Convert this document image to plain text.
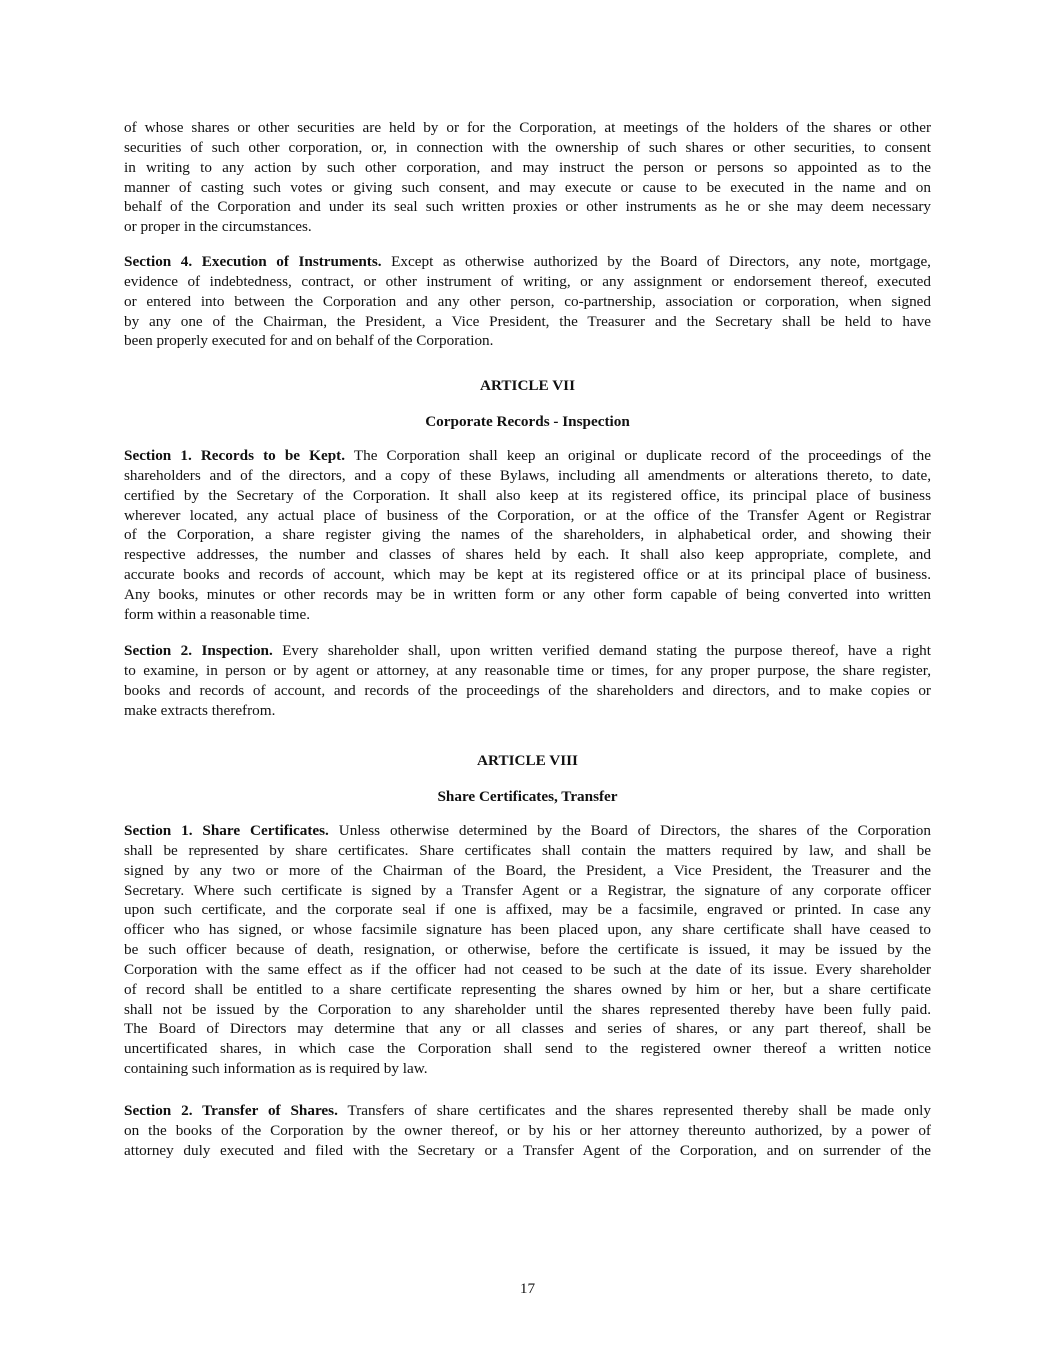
of whose shares or other securities are held by or for the Corporation, at meetings of the holders of the shares or other
securities of such other corporation, or, in connection with the ownership of such shares or other securities, to consent
in writing to any action by such other corporation, and may instruct the person or persons so appointed as to the
manner of casting such votes or giving such consent, and may execute or cause to be executed in the name and on
behalf of the Corporation and under its seal such written proxies or other instruments as he or she may deem necessary
or proper in the circumstances.
Section 4. Execution of Instruments. Except as otherwise authorized by the Board of Directors, any note, mortgage,
evidence of indebtedness, contract, or other instrument of writing, or any assignment or endorsement thereof, executed
or entered into between the Corporation and any other person, co-partnership, association or corporation, when signed
by any one of the Chairman, the President, a Vice President, the Treasurer and the Secretary shall be held to have
been properly executed for and on behalf of the Corporation.
ARTICLE VII
Corporate Records - Inspection
Section 1. Records to be Kept. The Corporation shall keep an original or duplicate record of the proceedings of the
shareholders and of the directors, and a copy of these Bylaws, including all amendments or alterations thereto, to date,
certified by the Secretary of the Corporation. It shall also keep at its registered office, its principal place of business
wherever located, any actual place of business of the Corporation, or at the office of the Transfer Agent or Registrar
of the Corporation, a share register giving the names of the shareholders, in alphabetical order, and showing their
respective addresses, the number and classes of shares held by each. It shall also keep appropriate, complete, and
accurate books and records of account, which may be kept at its registered office or at its principal place of business.
Any books, minutes or other records may be in written form or any other form capable of being converted into written
form within a reasonable time.
Section 2. Inspection. Every shareholder shall, upon written verified demand stating the purpose thereof, have a right
to examine, in person or by agent or attorney, at any reasonable time or times, for any proper purpose, the share register,
books and records of account, and records of the proceedings of the shareholders and directors, and to make copies or
make extracts therefrom.
ARTICLE VIII
Share Certificates, Transfer
Section 1. Share Certificates. Unless otherwise determined by the Board of Directors, the shares of the Corporation
shall be represented by share certificates. Share certificates shall contain the matters required by law, and shall be
signed by any two or more of the Chairman of the Board, the President, a Vice President, the Treasurer and the
Secretary. Where such certificate is signed by a Transfer Agent or a Registrar, the signature of any corporate officer
upon such certificate, and the corporate seal if one is affixed, may be a facsimile, engraved or printed. In case any
officer who has signed, or whose facsimile signature has been placed upon, any share certificate shall have ceased to
be such officer because of death, resignation, or otherwise, before the certificate is issued, it may be issued by the
Corporation with the same effect as if the officer had not ceased to be such at the date of its issue. Every shareholder
of record shall be entitled to a share certificate representing the shares owned by him or her, but a share certificate
shall not be issued by the Corporation to any shareholder until the shares represented thereby have been fully paid.
The Board of Directors may determine that any or all classes and series of shares, or any part thereof, shall be
uncertificated shares, in which case the Corporation shall send to the registered owner thereof a written notice
containing such information as is required by law.
Section 2. Transfer of Shares. Transfers of share certificates and the shares represented thereby shall be made only
on the books of the Corporation by the owner thereof, or by his or her attorney thereunto authorized, by a power of
attorney duly executed and filed with the Secretary or a Transfer Agent of the Corporation, and on surrender of the
17
